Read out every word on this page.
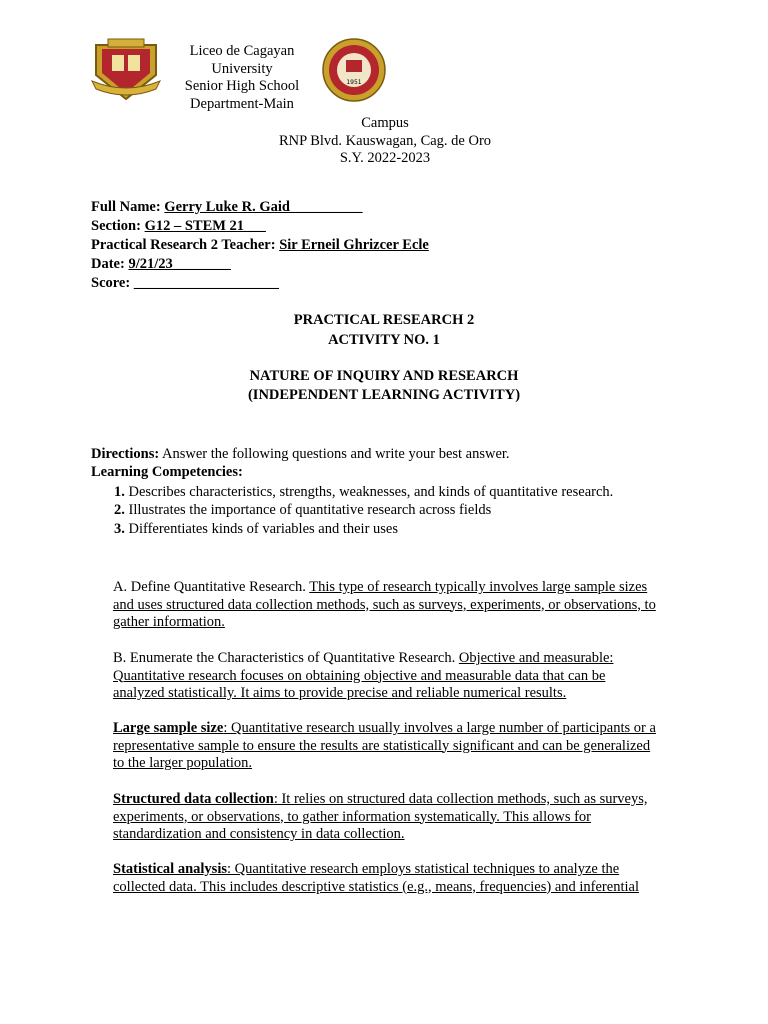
Liceo de Cagayan
University
Senior High School
Department-Main
1951
Campus
RNP Blvd. Kauswagan, Cag. de Oro
S.Y. 2022-2023
Full Name: Gerry Luke R. Gaid__________
Section: G12 – STEM 21___
Practical Research 2 Teacher: Sir Erneil Ghrizcer Ecle
Date: 9/21/23________
Score: ____________________
PRACTICAL RESEARCH 2
ACTIVITY NO. 1
NATURE OF INQUIRY AND RESEARCH
(INDEPENDENT LEARNING ACTIVITY)
Directions: Answer the following questions and write your best answer.
Learning Competencies:
1. Describes characteristics, strengths, weaknesses, and kinds of quantitative research.
2. Illustrates the importance of quantitative research across fields
3. Differentiates kinds of variables and their uses
A. Define Quantitative Research. This type of research typically involves large sample sizes
and uses structured data collection methods, such as surveys, experiments, or observations, to
gather information.
B. Enumerate the Characteristics of Quantitative Research. Objective and measurable:
Quantitative research focuses on obtaining objective and measurable data that can be
analyzed statistically. It aims to provide precise and reliable numerical results.
Large sample size: Quantitative research usually involves a large number of participants or a
representative sample to ensure the results are statistically significant and can be generalized
to the larger population.
Structured data collection: It relies on structured data collection methods, such as surveys,
experiments, or observations, to gather information systematically. This allows for
standardization and consistency in data collection.
Statistical analysis: Quantitative research employs statistical techniques to analyze the
collected data. This includes descriptive statistics (e.g., means, frequencies) and inferential
